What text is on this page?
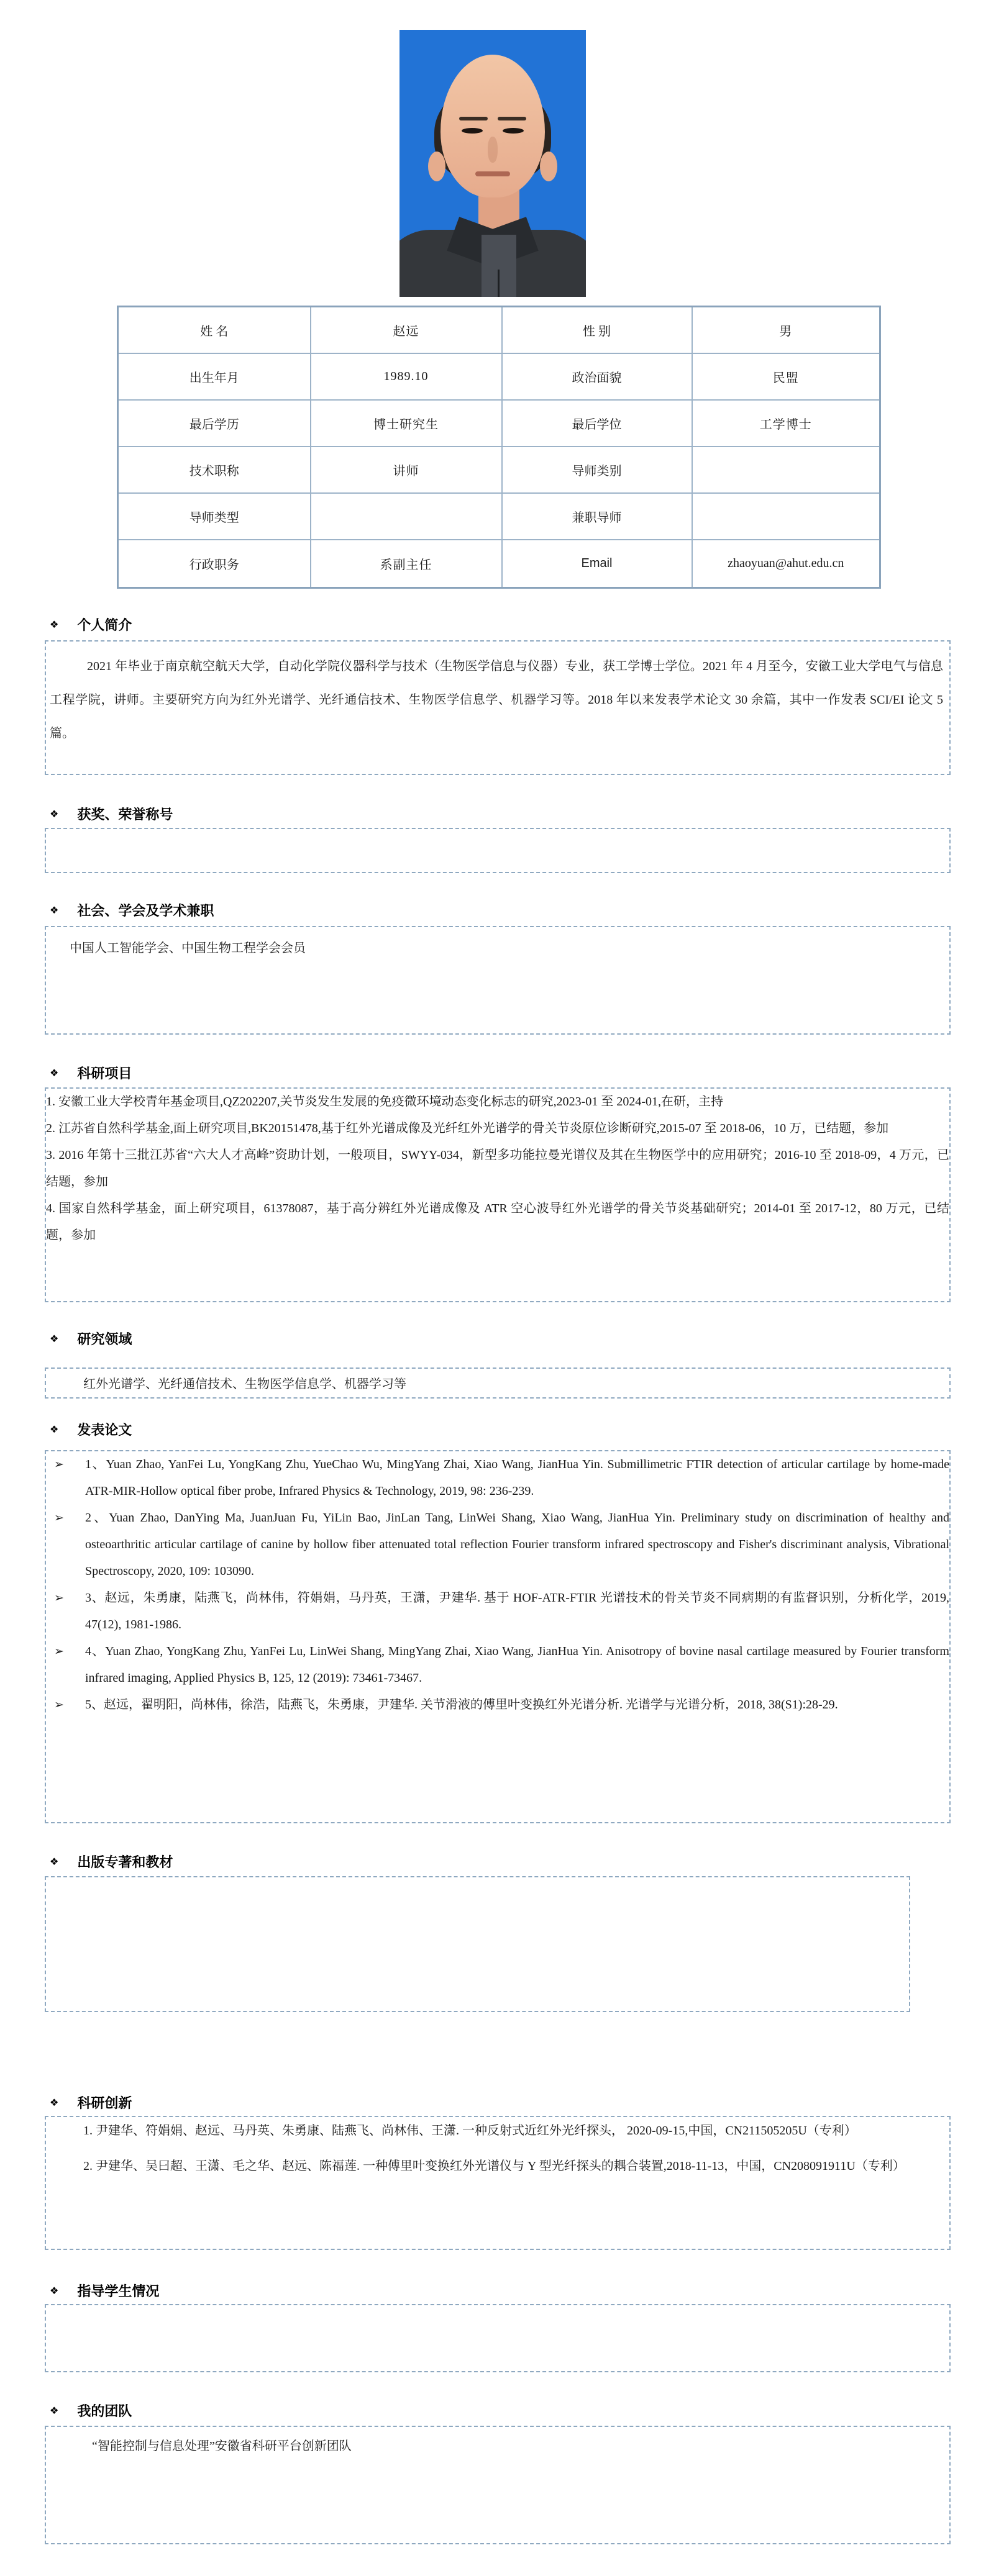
姓 名	赵远	性 别	男
出生年月	1989.10	政治面貌	民盟
最后学历	博士研究生	最后学位	工学博士
技术职称	讲师	导师类别	
导师类型		兼职导师	
行政职务	系副主任	Email	zhaoyuan@ahut.edu.cn
❖ 个人简介

2021 年毕业于南京航空航天大学，自动化学院仪器科学与技术（生物医学信息与仪器）专业，获工学博士学位。2021 年 4 月至今，安徽工业大学电气与信息工程学院，讲师。主要研究方向为红外光谱学、光纤通信技术、生物医学信息学、机器学习等。2018 年以来发表学术论文 30 余篇，其中一作发表 SCI/EI 论文 5 篇。

❖ 获奖、荣誉称号

❖ 社会、学会及学术兼职

中国人工智能学会、中国生物工程学会会员

❖ 科研项目
1. 安徽工业大学校青年基金项目,QZ202207,关节炎发生发展的免疫微环境动态变化标志的研究,2023-01 至 2024-01,在研，主持
2. 江苏省自然科学基金,面上研究项目,BK20151478,基于红外光谱成像及光纤红外光谱学的骨关节炎原位诊断研究,2015-07 至 2018-06，10 万，已结题，参加
3. 2016 年第十三批江苏省“六大人才高峰”资助计划，一般项目，SWYY-034，新型多功能拉曼光谱仪及其在生物医学中的应用研究；2016-10 至 2018-09，4 万元，已结题，参加
4. 国家自然科学基金，面上研究项目，61378087，基于高分辨红外光谱成像及 ATR 空心波导红外光谱学的骨关节炎基础研究；2014-01 至 2017-12，80 万元，已结题，参加
❖ 研究领域

红外光谱学、光纤通信技术、生物医学信息学、机器学习等

❖ 发表论文
➢ 1、Yuan Zhao, YanFei Lu, YongKang Zhu, YueChao Wu, MingYang Zhai, Xiao Wang, JianHua Yin. Submillimetric FTIR detection of articular cartilage by home-made ATR-MIR-Hollow optical fiber probe, Infrared Physics & Technology, 2019, 98: 236-239.
➢ 2、Yuan Zhao, DanYing Ma, JuanJuan Fu, YiLin Bao, JinLan Tang, LinWei Shang, Xiao Wang, JianHua Yin. Preliminary study on discrimination of healthy and osteoarthritic articular cartilage of canine by hollow fiber attenuated total reflection Fourier transform infrared spectroscopy and Fisher's discriminant analysis, Vibrational Spectroscopy, 2020, 109: 103090.
➢ 3、赵远，朱勇康，陆燕飞，尚林伟，符娟娟，马丹英，王潇，尹建华. 基于 HOF-ATR-FTIR 光谱技术的骨关节炎不同病期的有监督识别，分析化学，2019, 47(12), 1981-1986.
➢ 4、Yuan Zhao, YongKang Zhu, YanFei Lu, LinWei Shang, MingYang Zhai, Xiao Wang, JianHua Yin. Anisotropy of bovine nasal cartilage measured by Fourier transform infrared imaging, Applied Physics B, 125, 12 (2019): 73461-73467.
➢ 5、赵远，翟明阳，尚林伟，徐浩，陆燕飞，朱勇康，尹建华. 关节滑液的傅里叶变换红外光谱分析. 光谱学与光谱分析，2018, 38(S1):28-29.
❖ 出版专著和教材

❖ 科研创新
1. 尹建华、符娟娟、赵远、马丹英、朱勇康、陆燕飞、尚林伟、王潇. 一种反射式近红外光纤探头， 2020-09-15,中国，CN211505205U（专利）
2. 尹建华、吴曰超、王潇、毛之华、赵远、陈福莲. 一种傅里叶变换红外光谱仪与 Y 型光纤探头的耦合装置,2018-11-13，中国，CN208091911U（专利）
❖ 指导学生情况

❖ 我的团队

“智能控制与信息处理”安徽省科研平台创新团队
